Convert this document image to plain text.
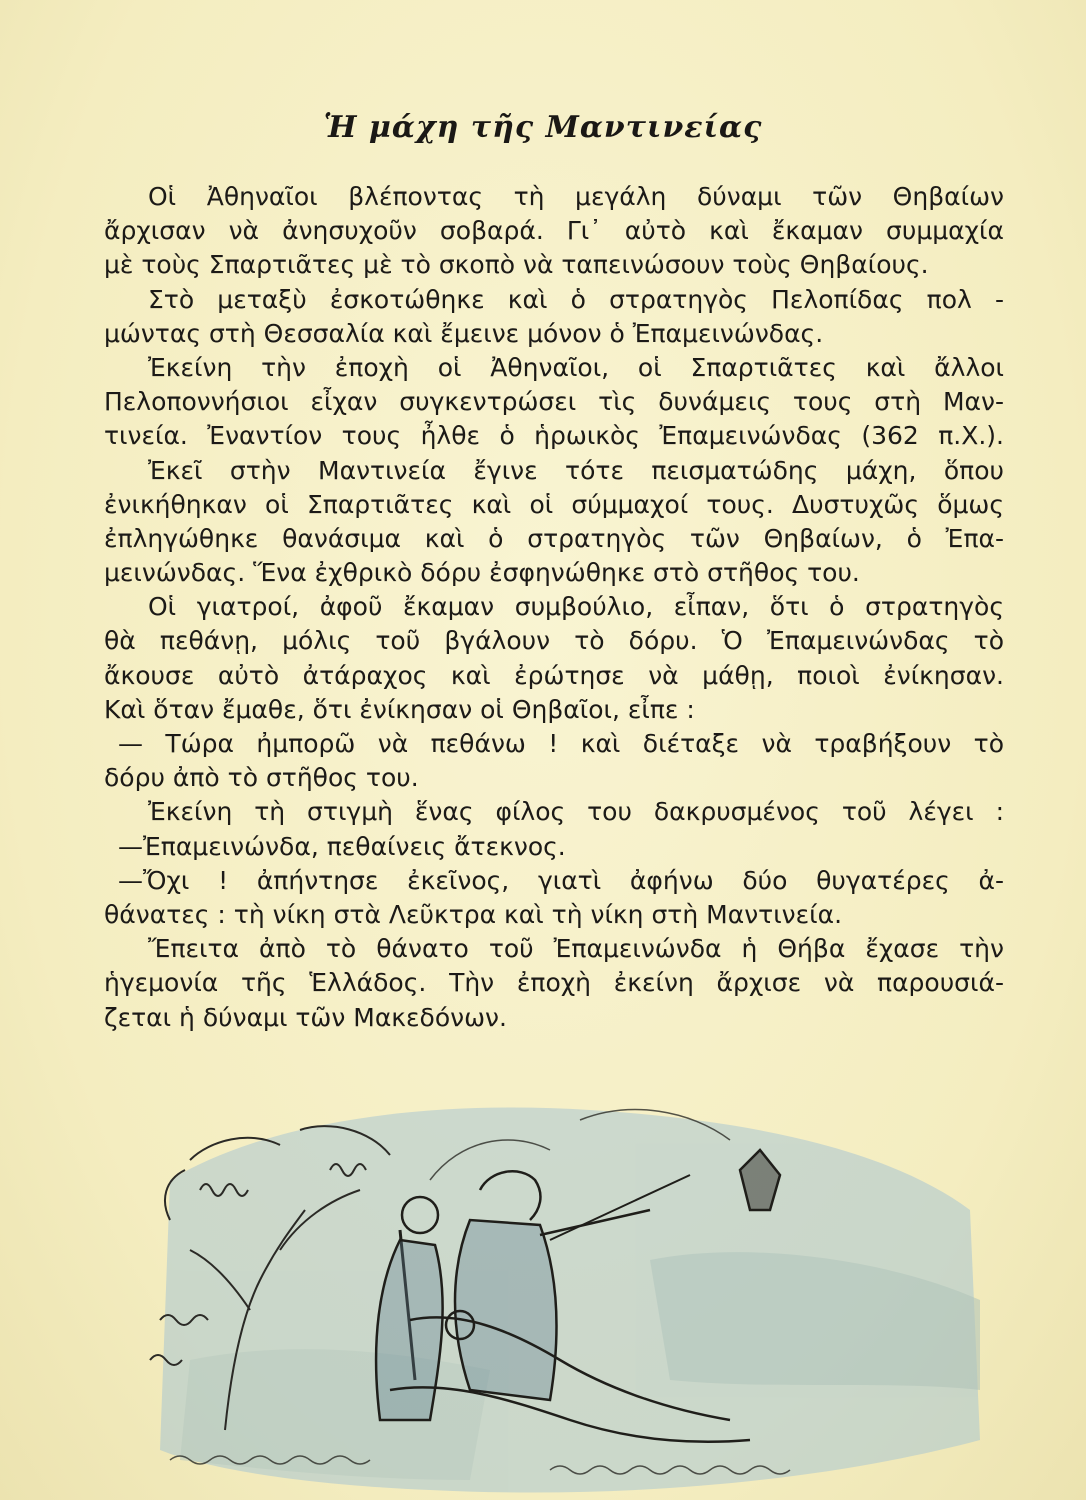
Ἡ μάχη τῆς Μαντινείας
Οἱ Ἀθηναῖοι βλέποντας τὴ μεγάλη δύναμι τῶν Θηβαίων
ἄρχισαν νὰ ἀνησυχοῦν σοβαρά. Γι᾿ αὐτὸ καὶ ἔκαμαν συμμαχία
μὲ τοὺς Σπαρτιᾶτες μὲ τὸ σκοπὸ νὰ ταπεινώσουν τοὺς Θηβαίους.
Στὸ μεταξὺ ἐσκοτώθηκε καὶ ὁ στρατηγὸς Πελοπίδας πολ -
μώντας στὴ Θεσσαλία καὶ ἔμεινε μόνον ὁ Ἐπαμεινώνδας.
Ἐκείνη τὴν ἐποχὴ οἱ Ἀθηναῖοι, οἱ Σπαρτιᾶτες καὶ ἄλλοι
Πελοποννήσιοι εἶχαν συγκεντρώσει τὶς δυνάμεις τους στὴ Μαν-
τινεία. Ἐναντίον τους ἦλθε ὁ ἡρωικὸς Ἐπαμεινώνδας (362 π.Χ.).
Ἐκεῖ στὴν Μαντινεία ἔγινε τότε πεισματώδης μάχη, ὅπου
ἐνικήθηκαν οἱ Σπαρτιᾶτες καὶ οἱ σύμμαχοί τους. Δυστυχῶς ὅμως
ἐπληγώθηκε θανάσιμα καὶ ὁ στρατηγὸς τῶν Θηβαίων, ὁ Ἐπα-
μεινώνδας. Ἕνα ἐχθρικὸ δόρυ ἐσφηνώθηκε στὸ στῆθος του.
Οἱ γιατροί, ἀφοῦ ἔκαμαν συμβούλιο, εἶπαν, ὅτι ὁ στρατηγὸς
θὰ πεθάνῃ, μόλις τοῦ βγάλουν τὸ δόρυ. Ὁ Ἐπαμεινώνδας τὸ
ἄκουσε αὐτὸ ἀτάραχος καὶ ἐρώτησε νὰ μάθῃ, ποιοὶ ἐνίκησαν.
Καὶ ὅταν ἔμαθε, ὅτι ἐνίκησαν οἱ Θηβαῖοι, εἶπε :
— Τώρα ἠμπορῶ νὰ πεθάνω ! καὶ διέταξε νὰ τραβήξουν τὸ
δόρυ ἀπὸ τὸ στῆθος του.
Ἐκείνη τὴ στιγμὴ ἕνας φίλος του δακρυσμένος τοῦ λέγει :
—Ἐπαμεινώνδα, πεθαίνεις ἄτεκνος.
—Ὄχι ! ἀπήντησε ἐκεῖνος, γιατὶ ἀφήνω δύο θυγατέρες ἀ-
θάνατες : τὴ νίκη στὰ Λεῦκτρα καὶ τὴ νίκη στὴ Μαντινεία.
Ἔπειτα ἀπὸ τὸ θάνατο τοῦ Ἐπαμεινώνδα ἡ Θήβα ἔχασε τὴν
ἡγεμονία τῆς Ἑλλάδος. Τὴν ἐποχὴ ἐκείνη ἄρχισε νὰ παρουσιά-
ζεται ἡ δύναμι τῶν Μακεδόνων.
